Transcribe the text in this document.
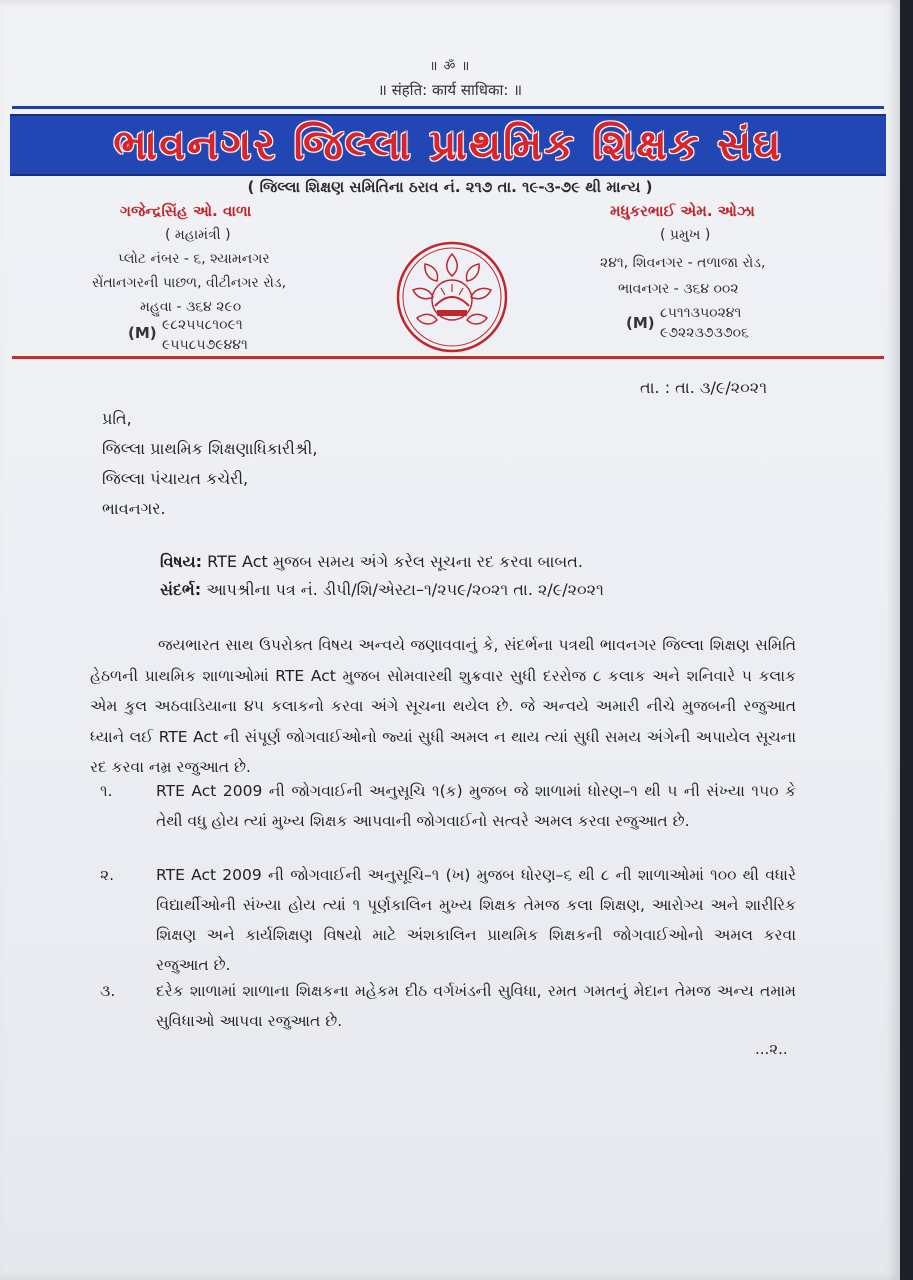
॥ ॐ ॥
॥ संहति: कार्य साधिका: ॥
ભાવનગર જિલ્લા પ્રાથમિક શિક્ષક સંઘ
( જિલ્લા શિક્ષણ સમિતિના ઠરાવ નં. ૨૧૭ તા. ૧૯-૩-૭૯ થી માન્ય )
ગજેન્દ્રસિંહ ઓ. વાળા
( મહામંત્રી )
પ્લોટ નંબર - ૬, શ્યામનગર
સેંતાનગરની પાછળ, વીટીનગર રોડ,
મહુવા - ૩૬૪ ૨૯૦
(M) ૯૮૨૫૫૮૧૦૯૧
૯૫૫૮૫૭૯૪૪૧
મધુકરભાઈ એમ. ઓઝા
( પ્રમુખ )
૨૪૧, શિવનગર - તળાજા રોડ,
ભાવનગર - ૩૬૪ ૦૦૨
(M)
૮૫૧૧૩૫૦૨૪૧
૯૭૨૨૩૭૩૭૦૬
તા. : તા. ૩/૯/૨૦૨૧
પ્રતિ,
જિલ્લા પ્રાથમિક શિક્ષણાધિકારીશ્રી,
જિલ્લા પંચાયત કચેરી,
ભાવનગર.
વિષય: RTE Act મુજબ સમય અંગે કરેલ સૂચના રદ કરવા બાબત.
સંદર્ભ: આપશ્રીના પત્ર નં. ડીપી/શિ/એસ્ટા–૧/૨૫૯/૨૦૨૧ તા. ૨/૯/૨૦૨૧
જયભારત સાથ ઉપરોક્ત વિષય અન્વયે જણાવવાનું કે, સંદર્ભના પત્રથી ભાવનગર જિલ્લા શિક્ષણ સમિતિ હેઠળની પ્રાથમિક શાળાઓમાં RTE Act મુજબ સોમવારથી શુક્રવાર સુધી દરરોજ ૮ કલાક અને શનિવારે ૫ કલાક એમ કુલ અઠવાડિયાના ૪૫ કલાકનો કરવા અંગે સૂચના થયેલ છે. જે અન્વયે અમારી નીચે મુજબની રજુઆત ધ્યાને લઈ RTE Act ની સંપૂર્ણ જોગવાઈઓનો જ્યાં સુધી અમલ ન થાય ત્યાં સુધી સમય અંગેની અપાયેલ સૂચના રદ કરવા નમ્ર રજુઆત છે.
૧.	RTE Act 2009 ની જોગવાઈની અનુસૂચિ ૧(ક) મુજબ જે શાળામાં ધોરણ–૧ થી ૫ ની સંખ્યા ૧૫૦ કે તેથી વધુ હોય ત્યાં મુખ્ય શિક્ષક આપવાની જોગવાઈનો સત્વરે અમલ કરવા રજુઆત છે.
૨.	RTE Act 2009 ની જોગવાઈની અનુસૂચિ–૧ (ખ) મુજબ ધોરણ–૬ થી ૮ ની શાળાઓમાં ૧૦૦ થી વધારે વિદ્યાર્થીઓની સંખ્યા હોય ત્યાં ૧ પૂર્ણકાલિન મુખ્ય શિક્ષક તેમજ કલા શિક્ષણ, આરોગ્ય અને શારીરિક શિક્ષણ અને કાર્યશિક્ષણ વિષયો માટે અંશકાલિન પ્રાથમિક શિક્ષકની જોગવાઈઓનો અમલ કરવા રજુઆત છે.
૩.	દરેક શાળામાં શાળાના શિક્ષકના મહેકમ દીઠ વર્ગખંડની સુવિધા, રમત ગમતનું મેદાન તેમજ અન્ય તમામ સુવિધાઓ આપવા રજુઆત છે.
...૨..
